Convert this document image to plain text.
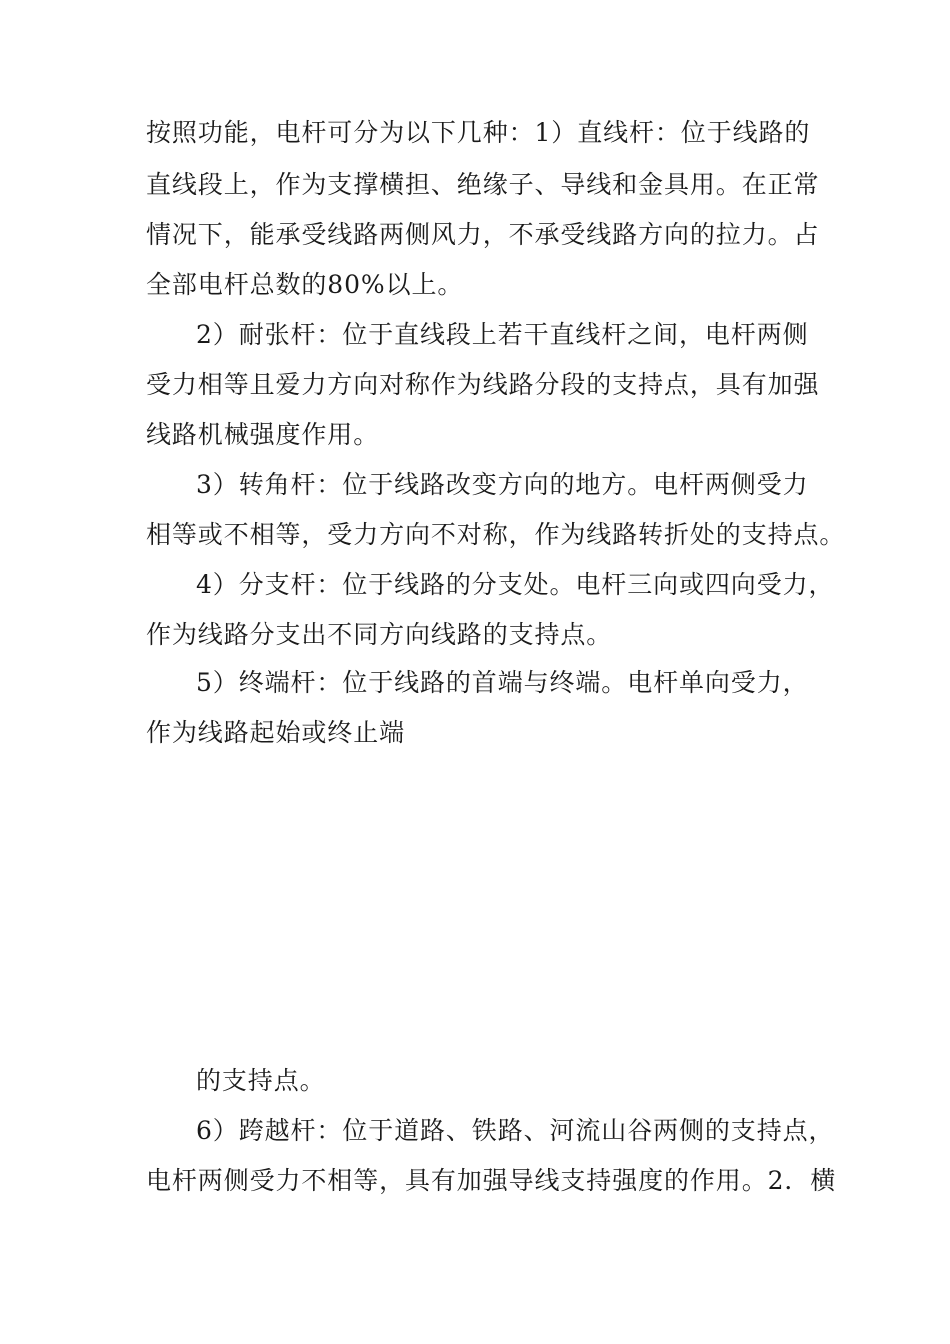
按照功能，电杆可分为以下几种：1）直线杆：位于线路的
直线段上，作为支撑横担、绝缘子、导线和金具用。在正常
情况下，能承受线路两侧风力，不承受线路方向的拉力。占
全部电杆总数的80%以上。
2）耐张杆：位于直线段上若干直线杆之间，电杆两侧
受力相等且爱力方向对称作为线路分段的支持点，具有加强
线路机械强度作用。
3）转角杆：位于线路改变方向的地方。电杆两侧受力
相等或不相等，受力方向不对称，作为线路转折处的支持点。
4）分支杆：位于线路的分支处。电杆三向或四向受力，
作为线路分支出不同方向线路的支持点。
5）终端杆：位于线路的首端与终端。电杆单向受力，
作为线路起始或终止端
的支持点。
6）跨越杆：位于道路、铁路、河流山谷两侧的支持点，
电杆两侧受力不相等，具有加强导线支持强度的作用。2．横
